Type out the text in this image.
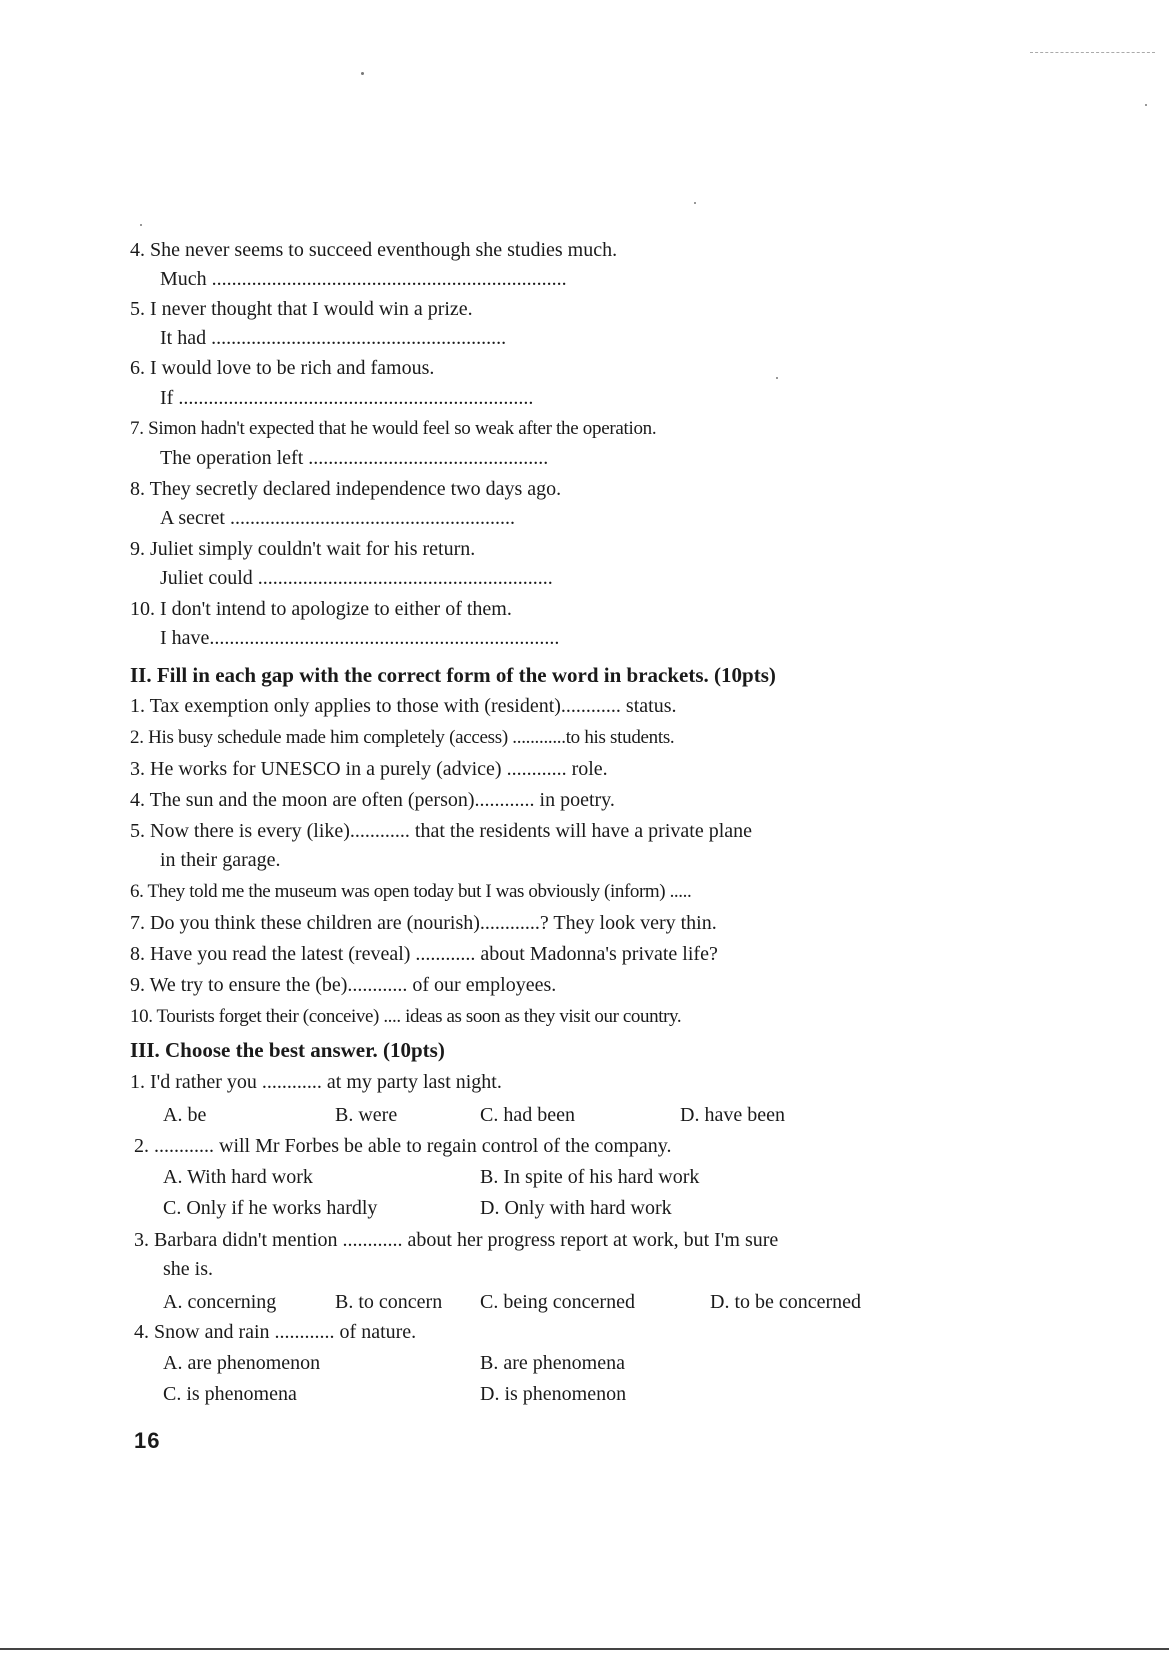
4. She never seems to succeed eventhough she studies much.
Much .......................................................................
5. I never thought that I would win a prize.
It had ...........................................................
6. I would love to be rich and famous.
If .......................................................................
7. Simon hadn't expected that he would feel so weak after the operation.
The operation left ................................................
8. They secretly declared independence two days ago.
A secret .........................................................
9. Juliet simply couldn't wait for his return.
Juliet could ...........................................................
10. I don't intend to apologize to either of them.
I have......................................................................
II. Fill in each gap with the correct form of the word in brackets. (10pts)
1. Tax exemption only applies to those with (resident)............ status.
2. His busy schedule made him completely (access) ............to his students.
3. He works for UNESCO in a purely (advice) ............ role.
4. The sun and the moon are often (person)............ in poetry.
5. Now there is every (like)............ that the residents will have a private plane
in their garage.
6. They told me the museum was open today but I was obviously (inform) .....
7. Do you think these children are (nourish)............? They look very thin.
8. Have you read the latest (reveal) ............ about Madonna's private life?
9. We try to ensure the (be)............ of our employees.
10. Tourists forget their (conceive) .... ideas as soon as they visit our country.
III. Choose the best answer. (10pts)
1. I'd rather you ............ at my party last night.
A. be	B. were	C. had been	D. have been
2. ............ will Mr Forbes be able to regain control of the company.
A. With hard work	B. In spite of his hard work
C. Only if he works hardly	D. Only with hard work
3. Barbara didn't mention ............ about her progress report at work, but I'm sure
she is.
A. concerning	B. to concern C. being concerned	D. to be concerned
4. Snow and rain ............ of nature.
A. are phenomenon	B. are phenomena
C. is phenomena	D. is phenomenon
16
